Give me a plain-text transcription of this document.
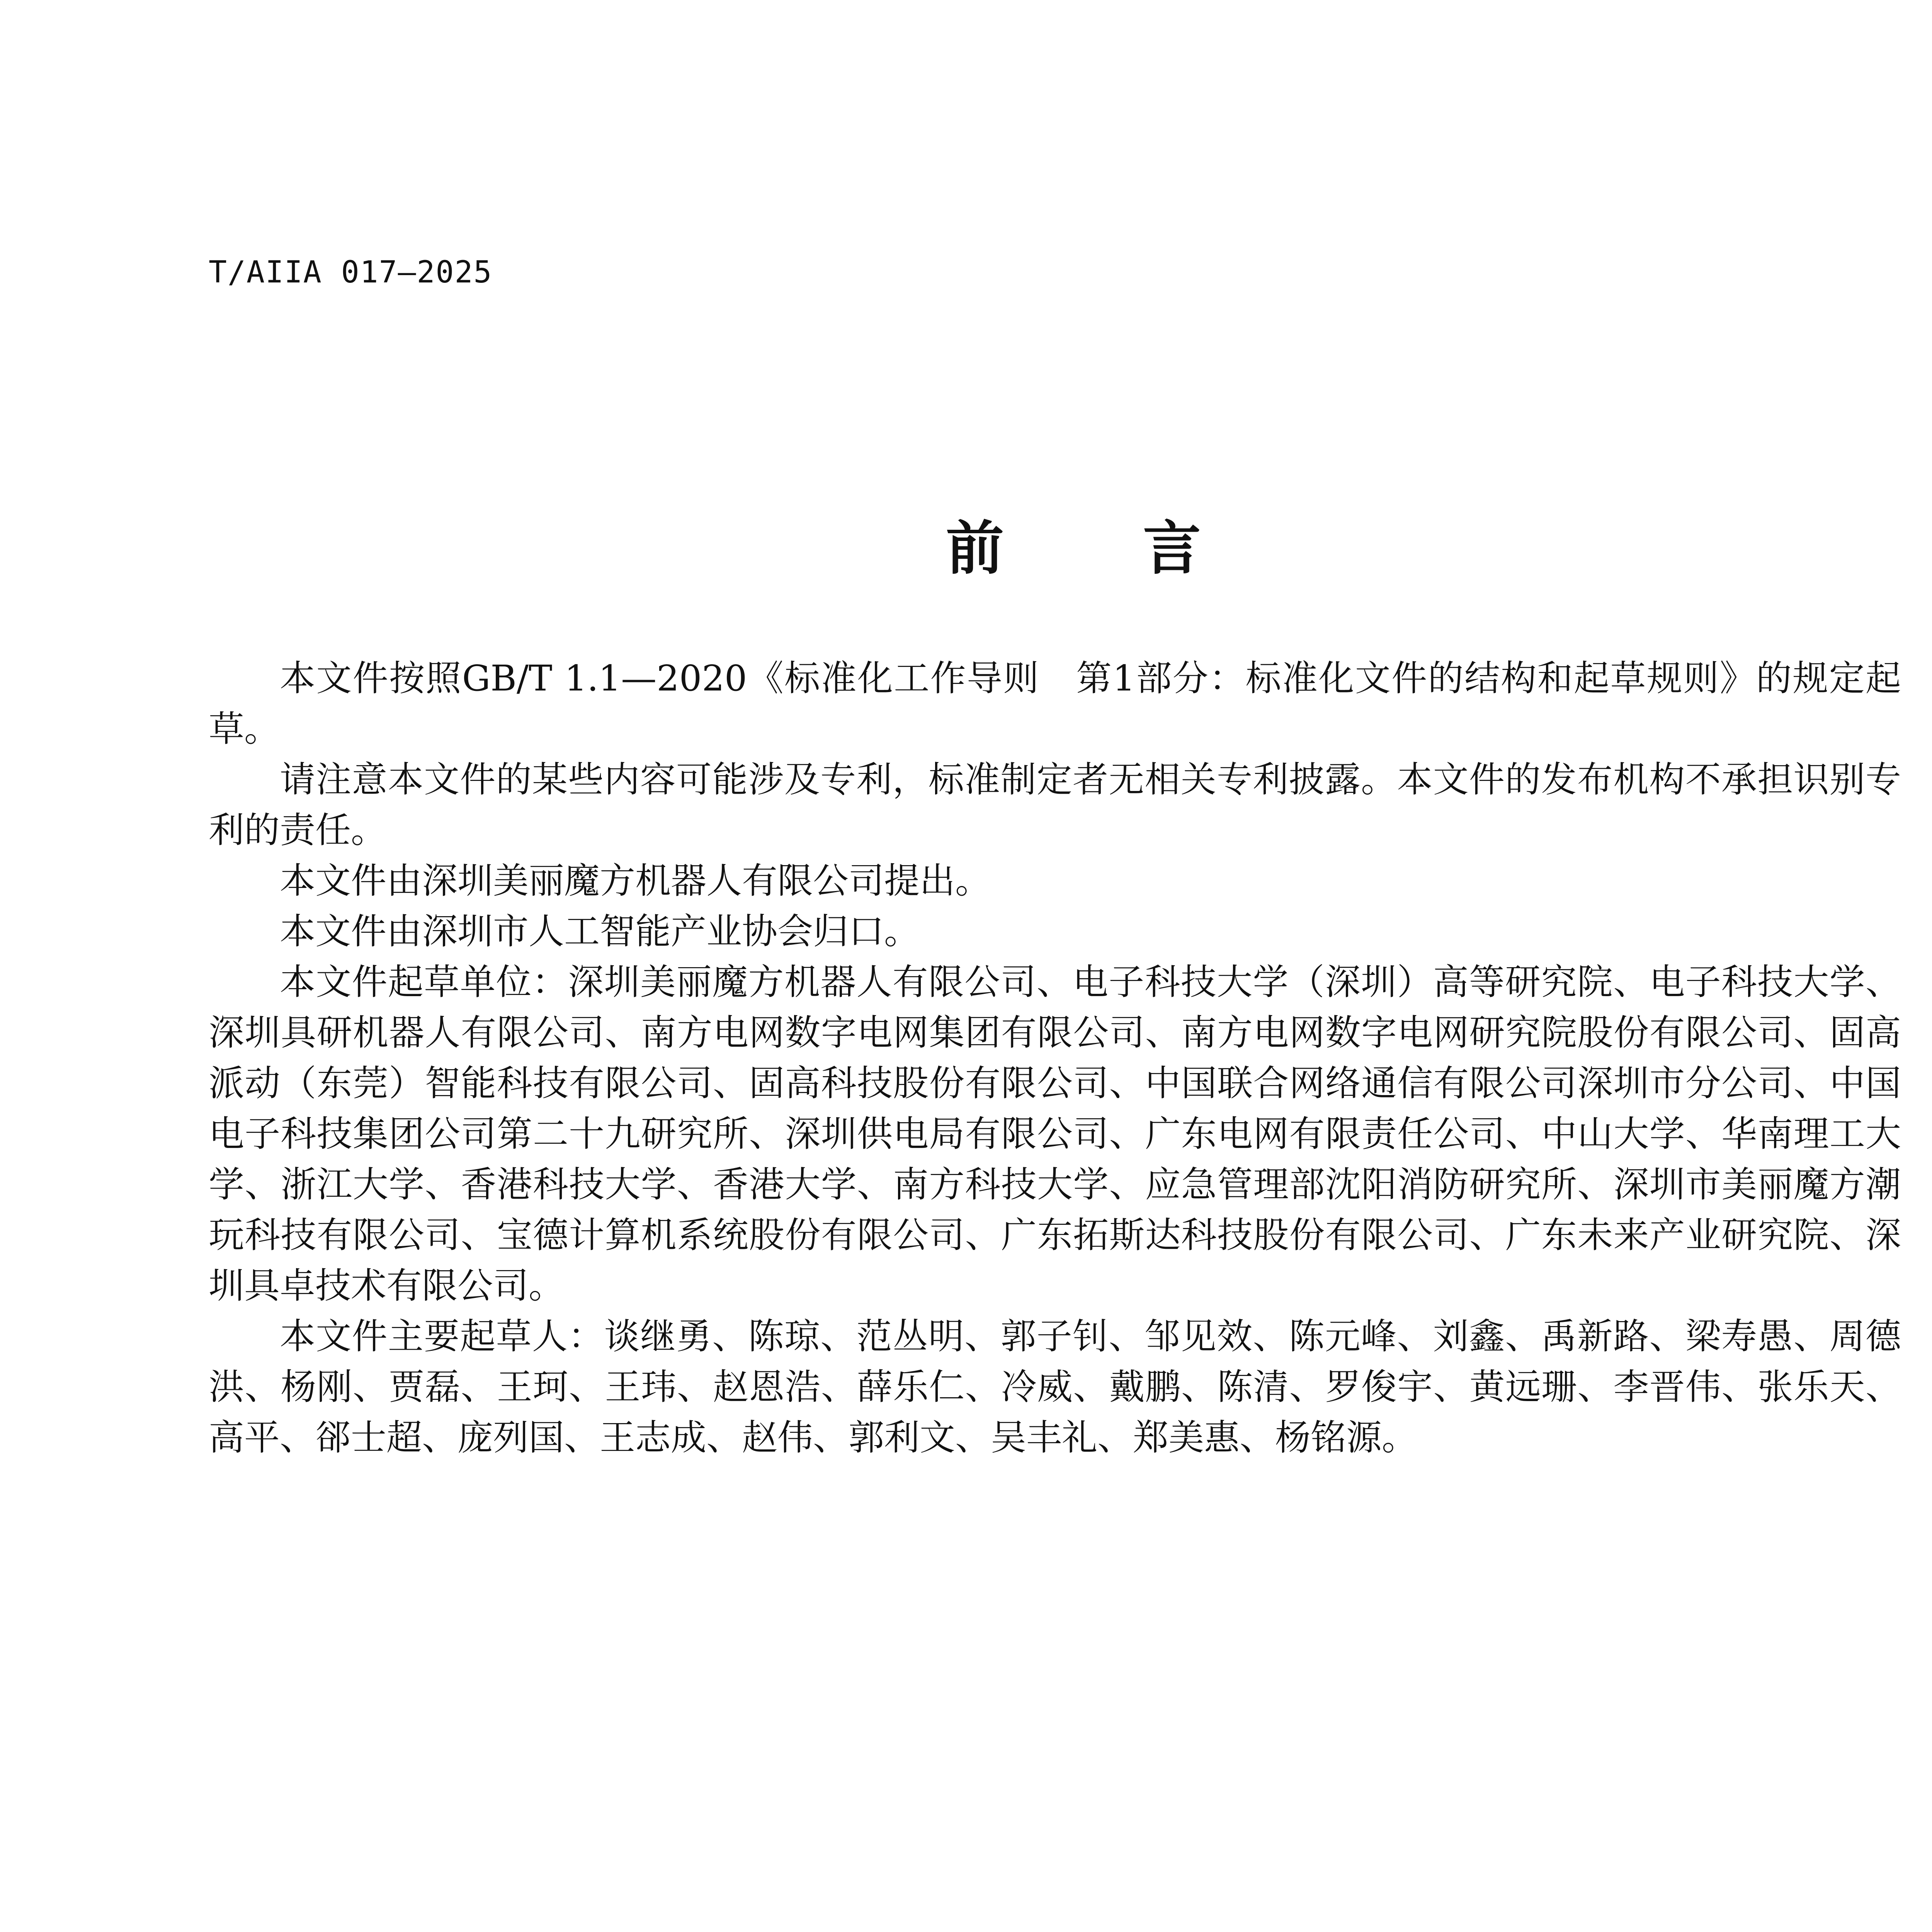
T/AIIA 017—2025
前 言

本文件按照GB/T 1.1—2020《标准化工作导则　第1部分：标准化文件的结构和起草规则》的规定起草。

请注意本文件的某些内容可能涉及专利，标准制定者无相关专利披露。本文件的发布机构不承担识别专利的责任。

本文件由深圳美丽魔方机器人有限公司提出。

本文件由深圳市人工智能产业协会归口。

本文件起草单位：深圳美丽魔方机器人有限公司、电子科技大学（深圳）高等研究院、电子科技大学、深圳具研机器人有限公司、南方电网数字电网集团有限公司、南方电网数字电网研究院股份有限公司、固高派动（东莞）智能科技有限公司、固高科技股份有限公司、中国联合网络通信有限公司深圳市分公司、中国电子科技集团公司第二十九研究所、深圳供电局有限公司、广东电网有限责任公司、中山大学、华南理工大学、浙江大学、香港科技大学、香港大学、南方科技大学、应急管理部沈阳消防研究所、深圳市美丽魔方潮玩科技有限公司、宝德计算机系统股份有限公司、广东拓斯达科技股份有限公司、广东未来产业研究院、深圳具卓技术有限公司。

本文件主要起草人：谈继勇、陈琼、范丛明、郭子钊、邹见效、陈元峰、刘鑫、禹新路、梁寿愚、周德洪、杨刚、贾磊、王珂、王玮、赵恩浩、薛乐仁、冷威、戴鹏、陈清、罗俊宇、黄远珊、李晋伟、张乐天、高平、郤士超、庞列国、王志成、赵伟、郭利文、吴丰礼、郑美惠、杨铭源。
